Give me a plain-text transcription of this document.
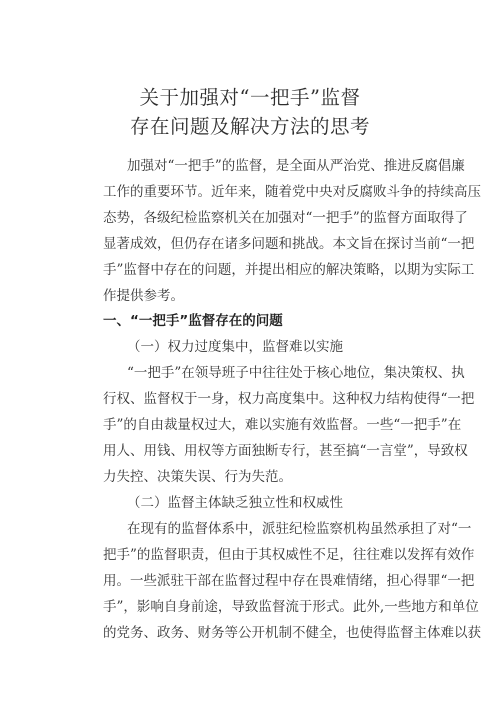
关于加强对“一把手”监督
存在问题及解决方法的思考
加强对“一把手”的监督，是全面从严治党、推进反腐倡廉
工作的重要环节。近年来，随着党中央对反腐败斗争的持续高压
态势，各级纪检监察机关在加强对“一把手”的监督方面取得了
显著成效，但仍存在诸多问题和挑战。本文旨在探讨当前“一把
手”监督中存在的问题，并提出相应的解决策略，以期为实际工
作提供参考。
一、“一把手”监督存在的问题
（一）权力过度集中，监督难以实施
“一把手”在领导班子中往往处于核心地位，集决策权、执
行权、监督权于一身，权力高度集中。这种权力结构使得“一把
手”的自由裁量权过大，难以实施有效监督。一些“一把手”在
用人、用钱、用权等方面独断专行，甚至搞“一言堂”，导致权
力失控、决策失误、行为失范。
（二）监督主体缺乏独立性和权威性
在现有的监督体系中，派驻纪检监察机构虽然承担了对“一
把手”的监督职责，但由于其权威性不足，往往难以发挥有效作
用。一些派驻干部在监督过程中存在畏难情绪，担心得罪“一把
手”，影响自身前途，导致监督流于形式。此外,一些地方和单位
的党务、政务、财务等公开机制不健全，也使得监督主体难以获
